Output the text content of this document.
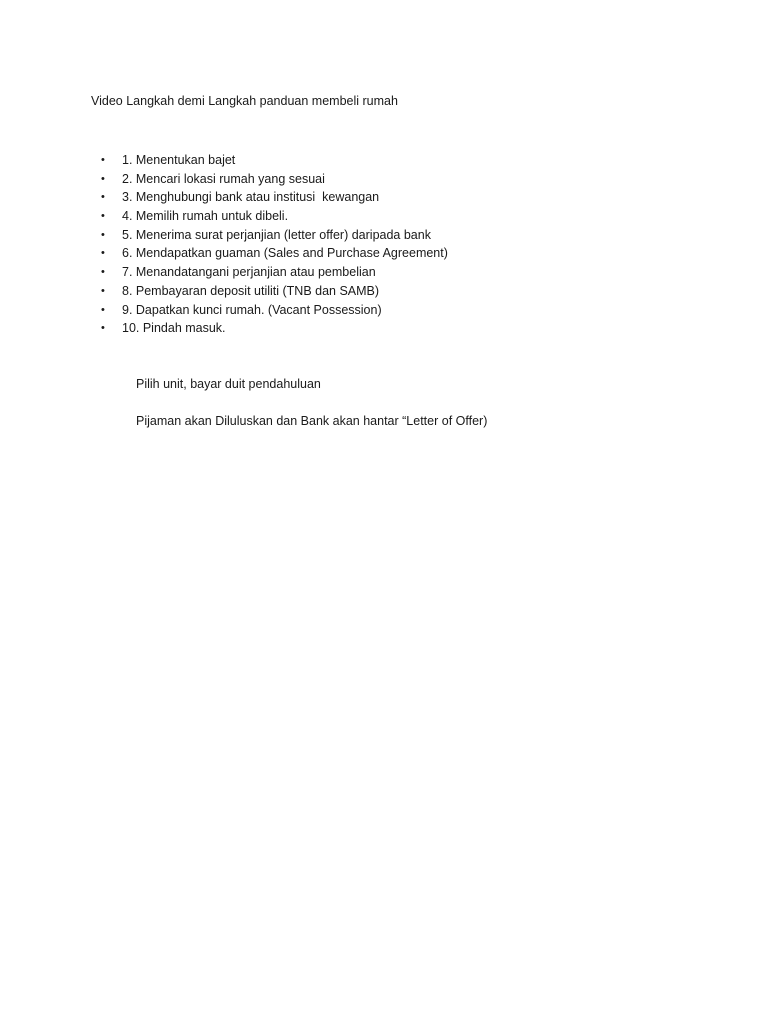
Video Langkah demi Langkah panduan membeli rumah
• 1. Menentukan bajet
• 2. Mencari lokasi rumah yang sesuai
• 3. Menghubungi bank atau institusi  kewangan
• 4. Memilih rumah untuk dibeli.
• 5. Menerima surat perjanjian (letter offer) daripada bank
• 6. Mendapatkan guaman (Sales and Purchase Agreement)
• 7. Menandatangani perjanjian atau pembelian
• 8. Pembayaran deposit utiliti (TNB dan SAMB)
• 9. Dapatkan kunci rumah. (Vacant Possession)
• 10. Pindah masuk.

Pilih unit, bayar duit pendahuluan

Pijaman akan Diluluskan dan Bank akan hantar “Letter of Offer)
